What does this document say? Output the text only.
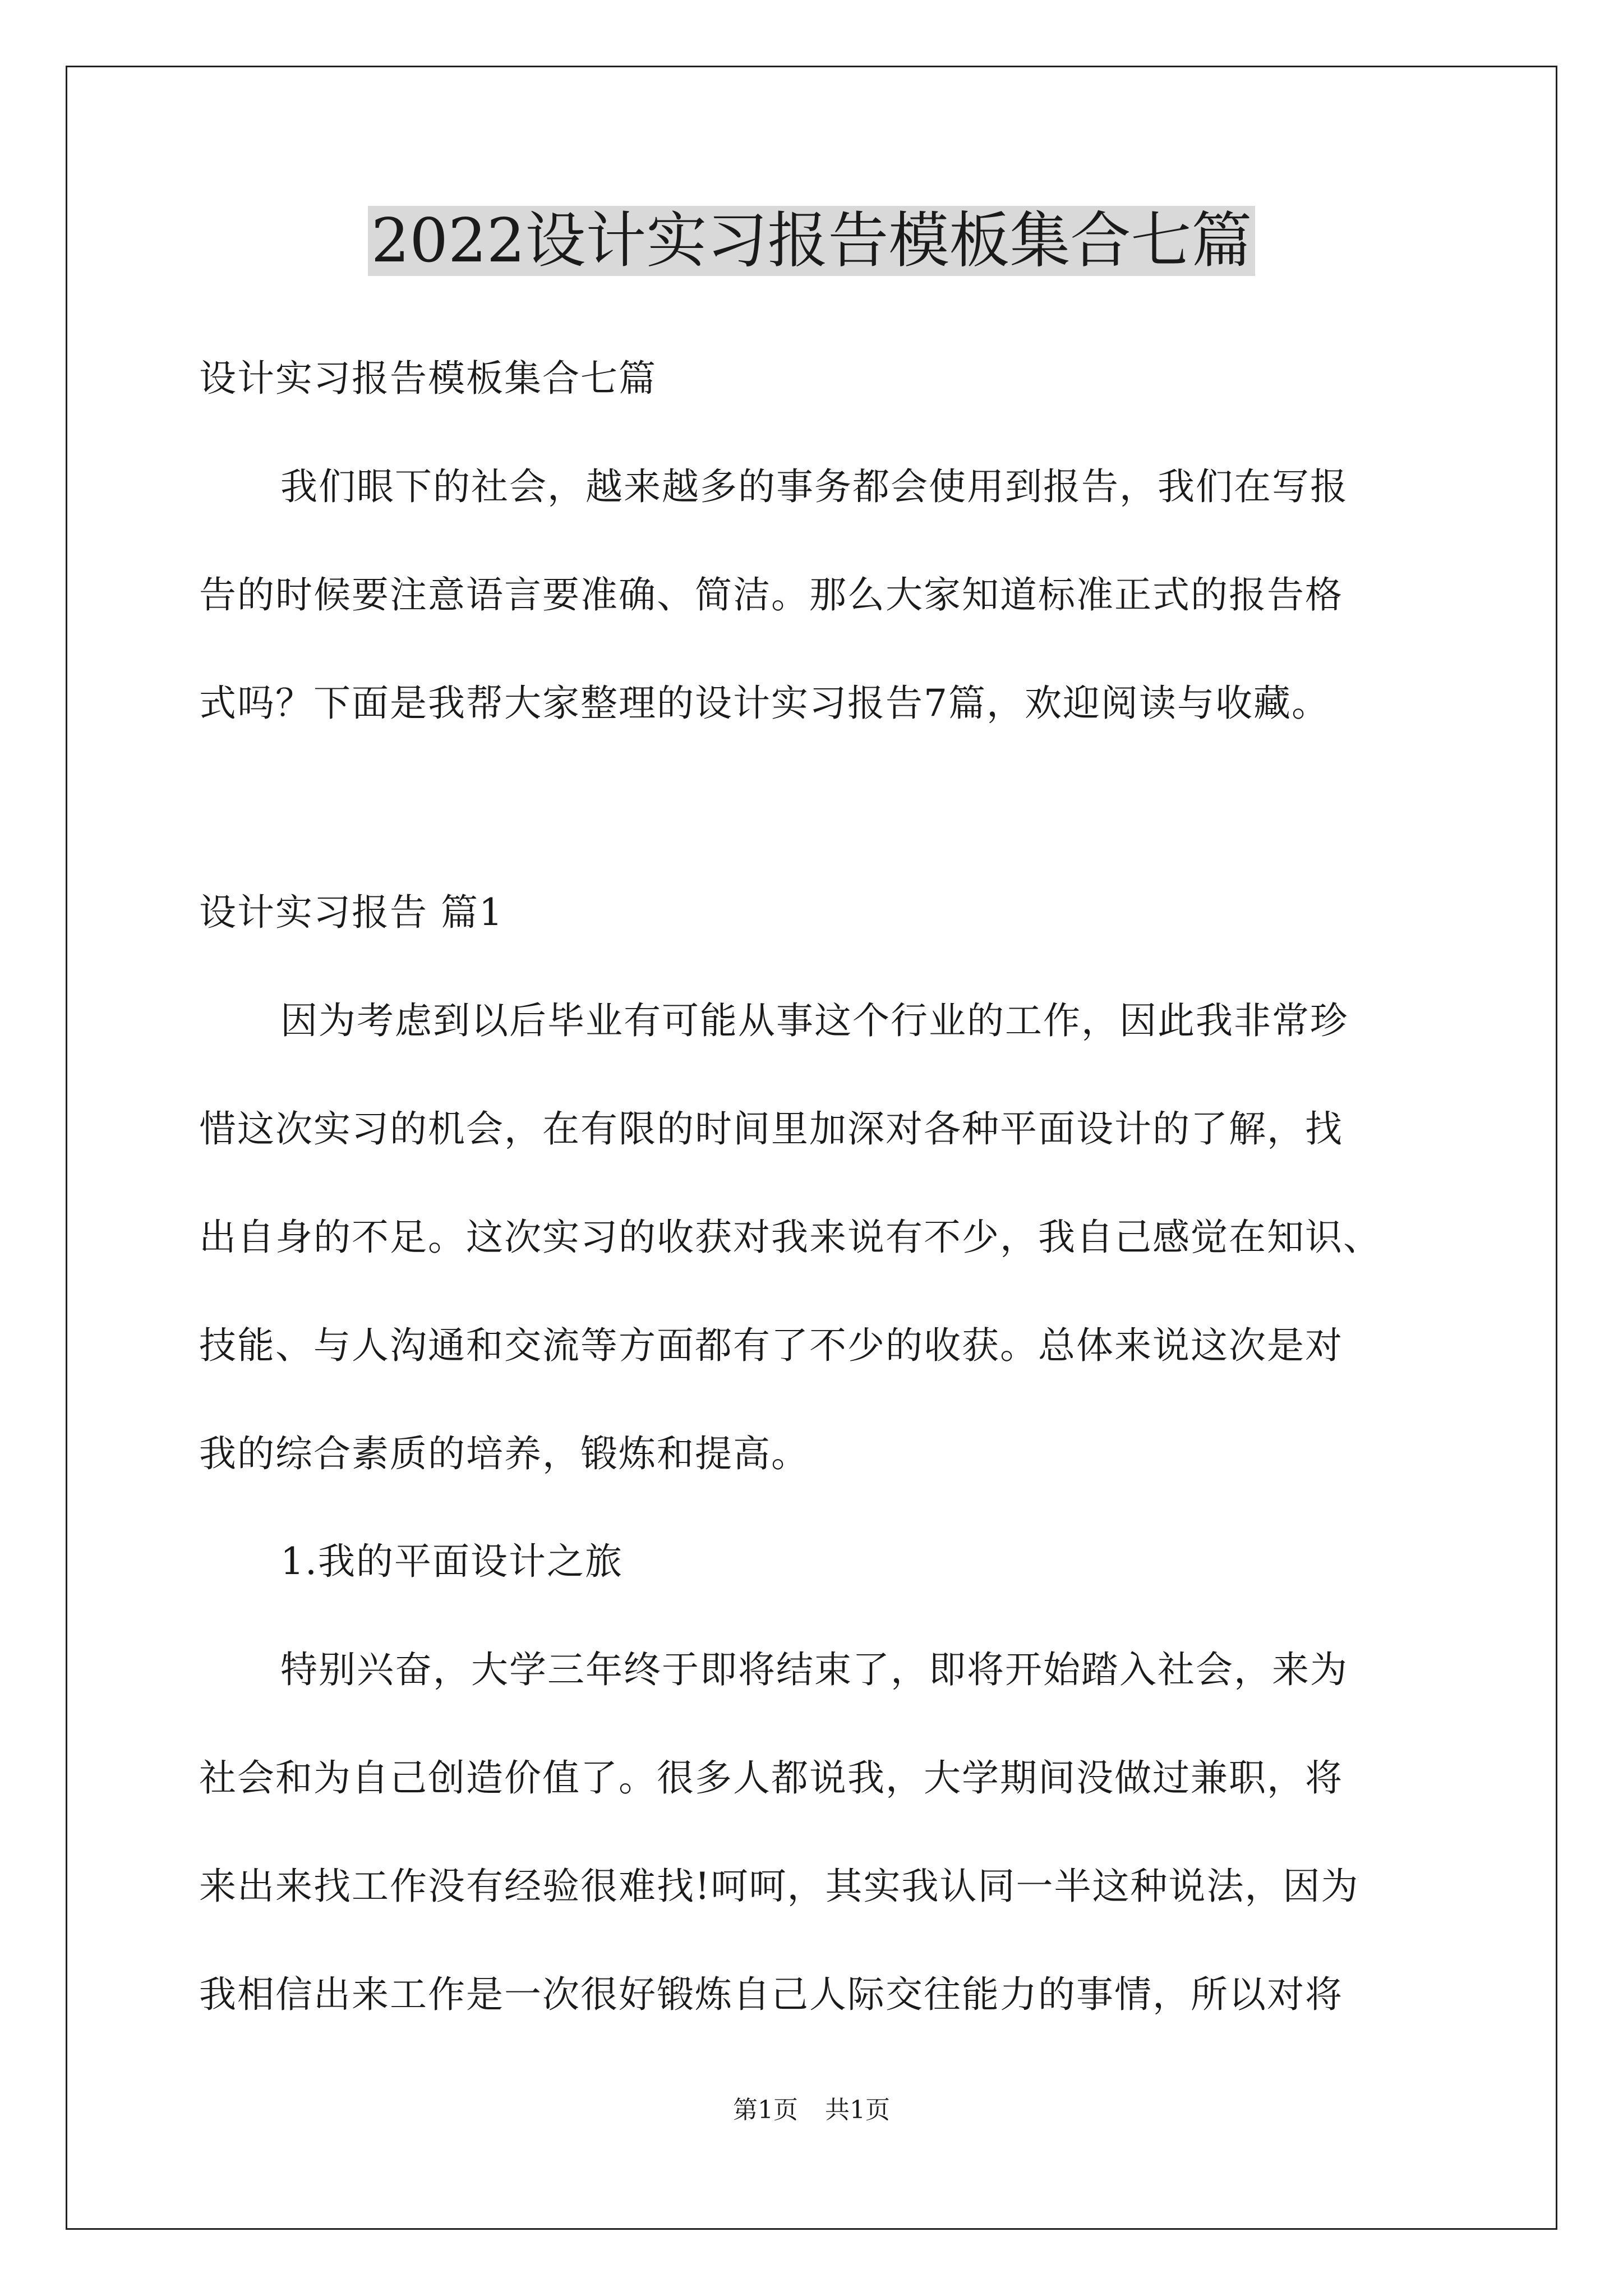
2022设计实习报告模板集合七篇
设计实习报告模板集合七篇
我们眼下的社会，越来越多的事务都会使用到报告，我们在写报
告的时候要注意语言要准确、简洁。那么大家知道标准正式的报告格
式吗？下面是我帮大家整理的设计实习报告7篇，欢迎阅读与收藏。
设计实习报告 篇1
因为考虑到以后毕业有可能从事这个行业的工作，因此我非常珍
惜这次实习的机会，在有限的时间里加深对各种平面设计的了解，找
出自身的不足。这次实习的收获对我来说有不少，我自己感觉在知识、
技能、与人沟通和交流等方面都有了不少的收获。总体来说这次是对
我的综合素质的培养，锻炼和提高。
1.我的平面设计之旅
特别兴奋，大学三年终于即将结束了，即将开始踏入社会，来为
社会和为自己创造价值了。很多人都说我，大学期间没做过兼职，将
来出来找工作没有经验很难找!呵呵，其实我认同一半这种说法，因为
我相信出来工作是一次很好锻炼自己人际交往能力的事情，所以对将
第1页 共1页
